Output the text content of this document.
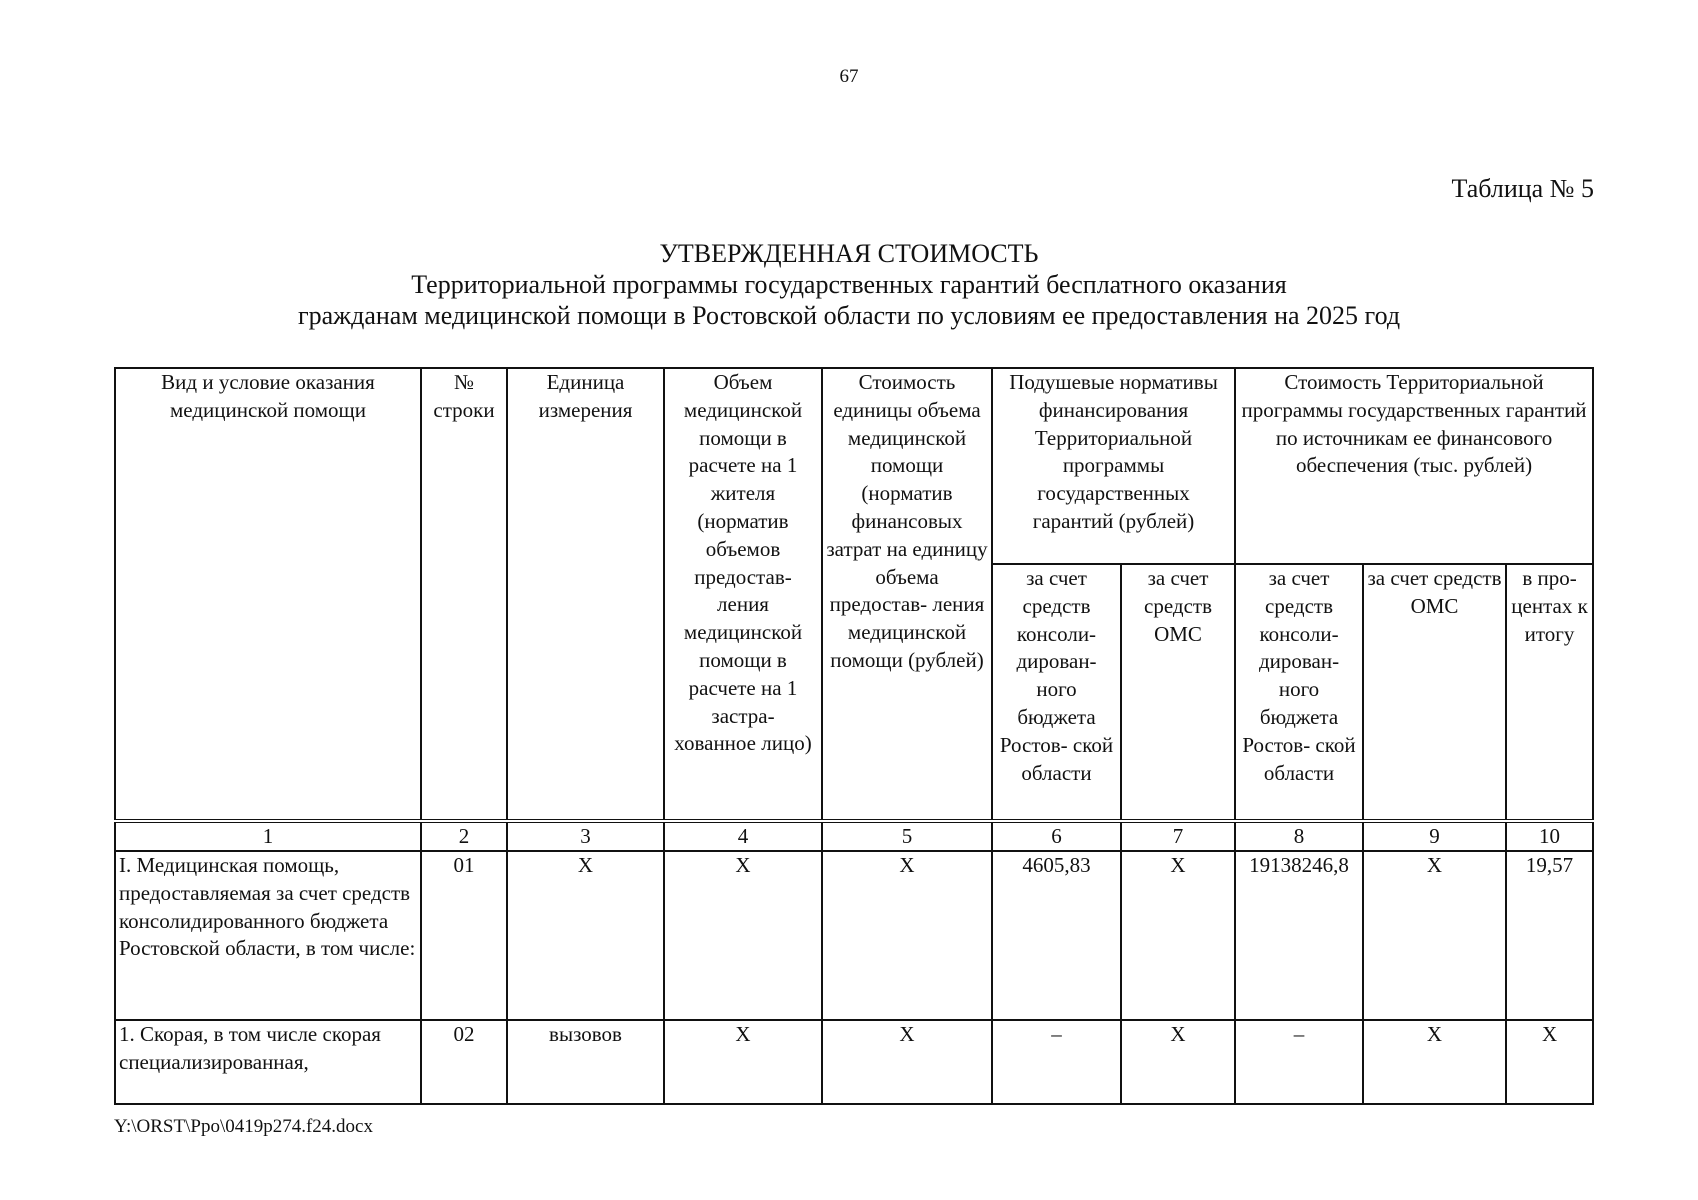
67
Таблица № 5
УТВЕРЖДЕННАЯ СТОИМОСТЬ
Территориальной программы государственных гарантий бесплатного оказания
гражданам медицинской помощи в Ростовской области по условиям ее предоставления на 2025 год
Вид и условие оказания медицинской помощи	№ строки	Единица измерения	Объем медицинской помощи в расчете на 1 жителя (норматив объемов предостав- ления медицинской помощи в расчете на 1 застра- хованное лицо)	Стоимость единицы объема медицинской помощи (норматив финансовых затрат на единицу объема предостав- ления медицинской помощи (рублей)	Подушевые нормативы финансирования Территориальной программы государственных гарантий (рублей)		Стоимость Территориальной программы государственных гарантий по источникам ее финансового обеспечения (тыс. рублей)		
					за счет средств консоли- дирован- ного бюджета Ростов- ской области	за счет средств ОМС	за счет средств консоли- дирован- ного бюджета Ростов- ской области	за счет средств ОМС	в про- центах к итогу
1	2	3	4	5	6	7	8	9	10
I. Медицинская помощь, предоставляемая за счет средств консолидированного бюджета Ростовской области, в том числе:	01	X	X	X	4605,83	X	19138246,8	X	19,57
1. Скорая, в том числе скорая специализированная,	02	вызовов	X	X	–	X	–	X	X
Y:\ORST\Ppo\0419p274.f24.docx
